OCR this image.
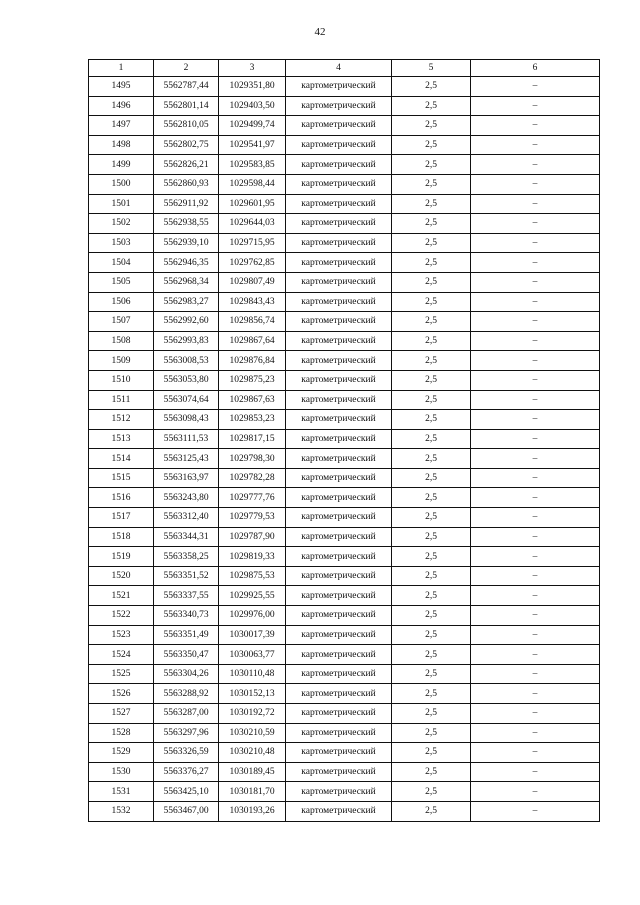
42
1	2	3	4	5	6
1495	5562787,44	1029351,80	картометрический	2,5	–
1496	5562801,14	1029403,50	картометрический	2,5	–
1497	5562810,05	1029499,74	картометрический	2,5	–
1498	5562802,75	1029541,97	картометрический	2,5	–
1499	5562826,21	1029583,85	картометрический	2,5	–
1500	5562860,93	1029598,44	картометрический	2,5	–
1501	5562911,92	1029601,95	картометрический	2,5	–
1502	5562938,55	1029644,03	картометрический	2,5	–
1503	5562939,10	1029715,95	картометрический	2,5	–
1504	5562946,35	1029762,85	картометрический	2,5	–
1505	5562968,34	1029807,49	картометрический	2,5	–
1506	5562983,27	1029843,43	картометрический	2,5	–
1507	5562992,60	1029856,74	картометрический	2,5	–
1508	5562993,83	1029867,64	картометрический	2,5	–
1509	5563008,53	1029876,84	картометрический	2,5	–
1510	5563053,80	1029875,23	картометрический	2,5	–
1511	5563074,64	1029867,63	картометрический	2,5	–
1512	5563098,43	1029853,23	картометрический	2,5	–
1513	5563111,53	1029817,15	картометрический	2,5	–
1514	5563125,43	1029798,30	картометрический	2,5	–
1515	5563163,97	1029782,28	картометрический	2,5	–
1516	5563243,80	1029777,76	картометрический	2,5	–
1517	5563312,40	1029779,53	картометрический	2,5	–
1518	5563344,31	1029787,90	картометрический	2,5	–
1519	5563358,25	1029819,33	картометрический	2,5	–
1520	5563351,52	1029875,53	картометрический	2,5	–
1521	5563337,55	1029925,55	картометрический	2,5	–
1522	5563340,73	1029976,00	картометрический	2,5	–
1523	5563351,49	1030017,39	картометрический	2,5	–
1524	5563350,47	1030063,77	картометрический	2,5	–
1525	5563304,26	1030110,48	картометрический	2,5	–
1526	5563288,92	1030152,13	картометрический	2,5	–
1527	5563287,00	1030192,72	картометрический	2,5	–
1528	5563297,96	1030210,59	картометрический	2,5	–
1529	5563326,59	1030210,48	картометрический	2,5	–
1530	5563376,27	1030189,45	картометрический	2,5	–
1531	5563425,10	1030181,70	картометрический	2,5	–
1532	5563467,00	1030193,26	картометрический	2,5	–
